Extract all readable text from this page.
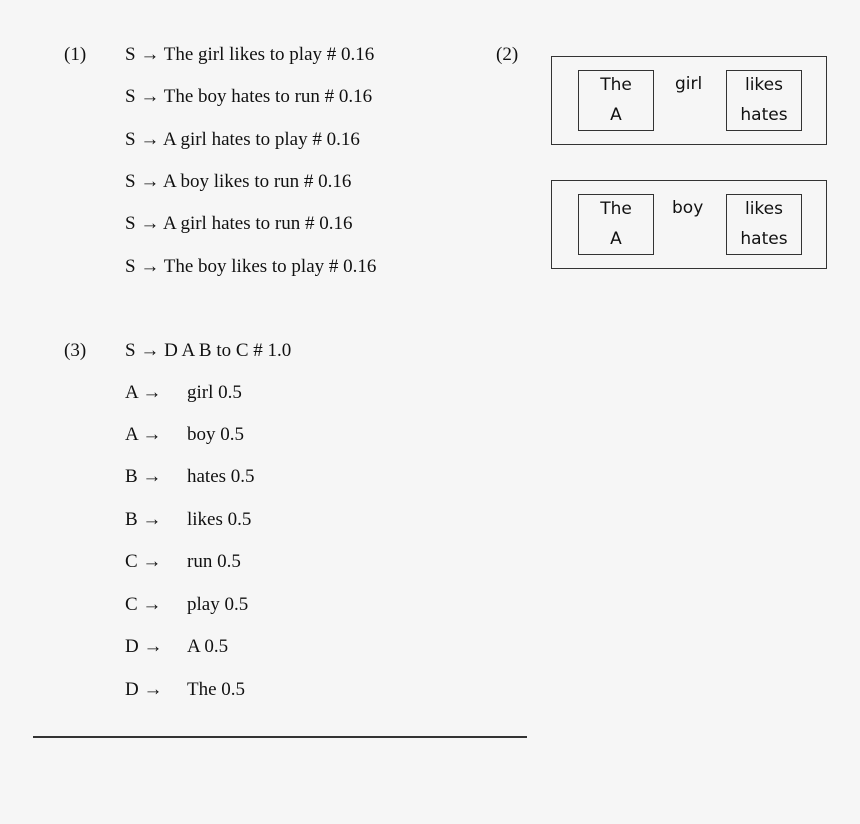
(1) S → The girl likes to play # 0.16
S → The boy hates to run # 0.16
S → A girl hates to play # 0.16
S → A boy likes to run # 0.16
S → A girl hates to run # 0.16
S → The boy likes to play # 0.16
(2)
The
A
girl	likes
hates
The
A
boy	likes
hates
(3) S → D A B to C # 1.0
A → girl 0.5
A → boy 0.5
B → hates 0.5
B → likes 0.5
C → run 0.5
C → play 0.5
D → A 0.5
D → The 0.5
